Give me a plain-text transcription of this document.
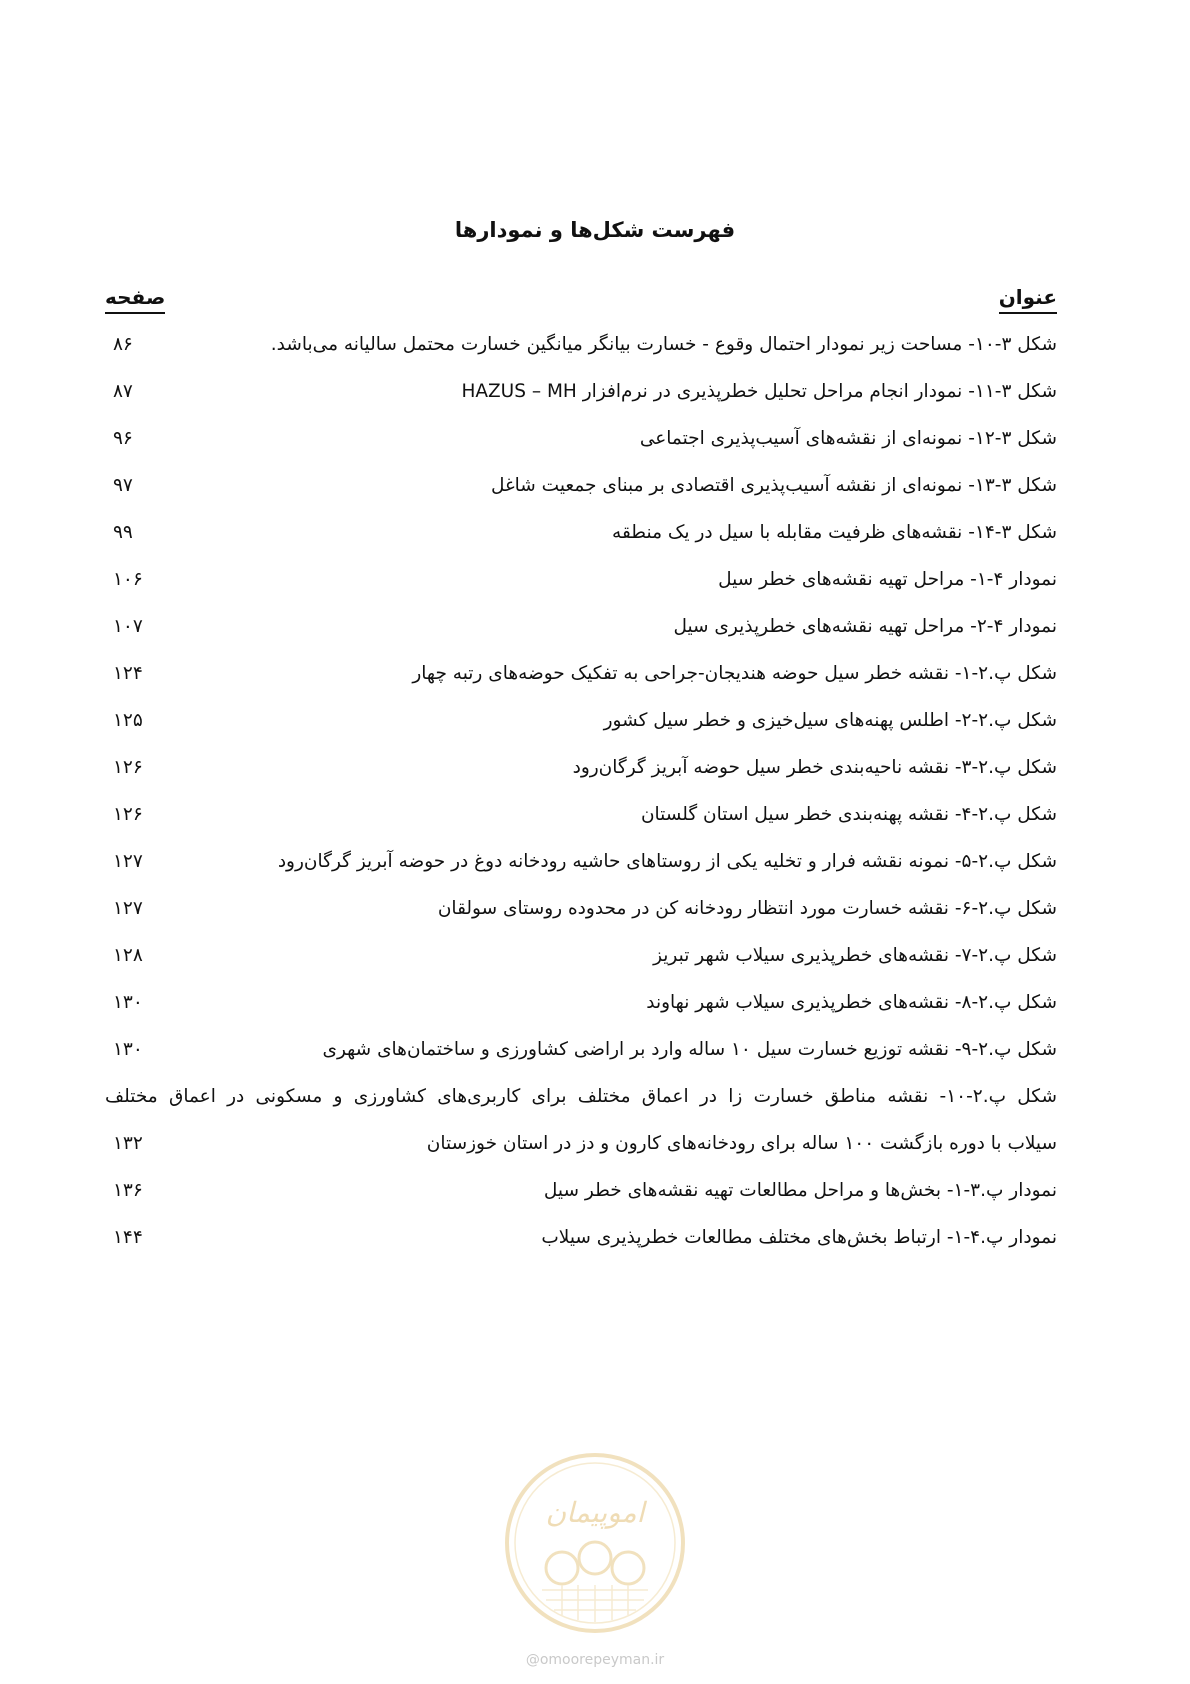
فهرست شکل‌ها و نمودارها
عنوان
صفحه
شکل ۳-۱۰- مساحت زیر نمودار احتمال وقوع - خسارت بیانگر میانگین خسارت محتمل سالیانه می‌باشد.
۸۶
شکل ۳-۱۱- نمودار انجام مراحل تحلیل خطرپذیری در نرم‌افزار HAZUS – MH
۸۷
شکل ۳-۱۲- نمونه‌ای از نقشه‌های آسیب‌پذیری اجتماعی
۹۶
شکل ۳-۱۳- نمونه‌ای از نقشه آسیب‌پذیری اقتصادی بر مبنای جمعیت شاغل
۹۷
شکل ۳-۱۴- نقشه‌های ظرفیت مقابله با سیل در یک منطقه
۹۹
نمودار ۴-۱- مراحل تهیه نقشه‌های خطر سیل
۱۰۶
نمودار ۴-۲- مراحل تهیه نقشه‌های خطرپذیری سیل
۱۰۷
شکل پ.۲-۱- نقشه خطر سیل حوضه هندیجان-جراحی به تفکیک حوضه‌های رتبه چهار
۱۲۴
شکل پ.۲-۲- اطلس پهنه‌های سیل‌خیزی و خطر سیل کشور
۱۲۵
شکل پ.۲-۳- نقشه ناحیه‌بندی خطر سیل حوضه آبریز گرگان‌رود
۱۲۶
شکل پ.۲-۴- نقشه پهنه‌بندی خطر سیل استان گلستان
۱۲۶
شکل پ.۲-۵- نمونه نقشه فرار و تخلیه یکی از روستاهای حاشیه رودخانه دوغ در حوضه آبریز گرگان‌رود
۱۲۷
شکل پ.۲-۶- نقشه خسارت مورد انتظار رودخانه کن در محدوده روستای سولقان
۱۲۷
شکل پ.۲-۷- نقشه‌های خطرپذیری سیلاب شهر تبریز
۱۲۸
شکل پ.۲-۸- نقشه‌های خطرپذیری سیلاب شهر نهاوند
۱۳۰
شکل پ.۲-۹- نقشه توزیع خسارت سیل ۱۰ ساله وارد بر اراضی کشاورزی و ساختمان‌های شهری
۱۳۰
شکل پ.۲-۱۰- نقشه مناطق خسارت زا در اعماق مختلف برای کاربری‌های کشاورزی و مسکونی در اعماق مختلف
سیلاب با دوره بازگشت ۱۰۰ ساله برای رودخانه‌های کارون و دز در استان خوزستان
۱۳۲
نمودار پ.۳-۱- بخش‌ها و مراحل مطالعات تهیه نقشه‌های خطر سیل
۱۳۶
نمودار پ.۴-۱- ارتباط بخش‌های مختلف مطالعات خطرپذیری سیلاب
۱۴۴
اموپیمان
@omoorepeyman.ir
